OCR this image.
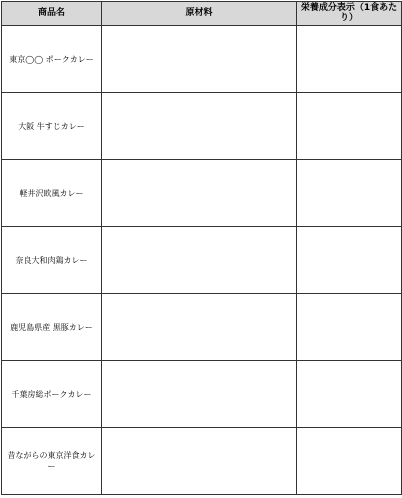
商品名	原材料	栄養成分表示（1食あたり）
東京◯◯ ポークカレー		
大阪 牛すじカレー		
軽井沢欧風カレー		
奈良大和肉鶏カレー		
鹿児島県産 黒豚カレー		
千葉房総ポークカレー		
昔ながらの東京洋食カレー		
